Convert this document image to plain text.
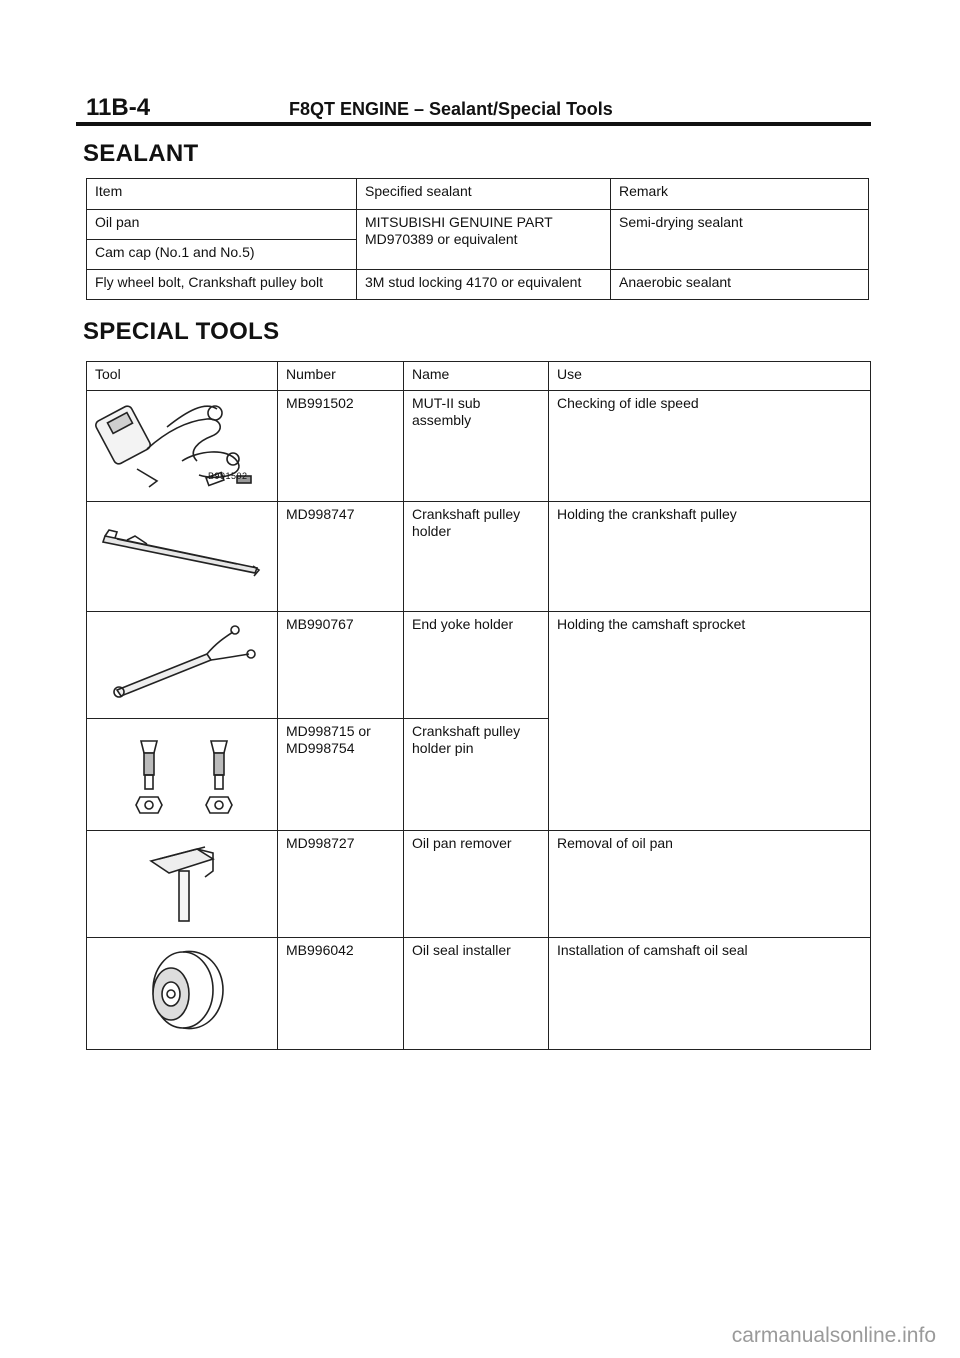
11B-4	F8QT ENGINE – Sealant/Special Tools
SEALANT
Item	Specified sealant	Remark
Oil pan	MITSUBISHI GENUINE PART MD970389 or equivalent	Semi-drying sealant
Cam cap (No.1 and No.5)		
Fly wheel bolt, Crankshaft pulley bolt	3M stud locking 4170 or equivalent	Anaerobic sealant
SPECIAL TOOLS
Tool	Number	Name	Use

B991502	MB991502	MUT-II sub assembly	Checking of idle speed

	MD998747	Crankshaft pulley holder	Holding the crankshaft pulley

	MB990767	End yoke holder	Holding the camshaft sprocket

	MD998715 or MD998754	Crankshaft pulley holder pin	

	MD998727	Oil pan remover	Removal of oil pan

	MB996042	Oil seal installer	Installation of camshaft oil seal
carmanualsonline.info
